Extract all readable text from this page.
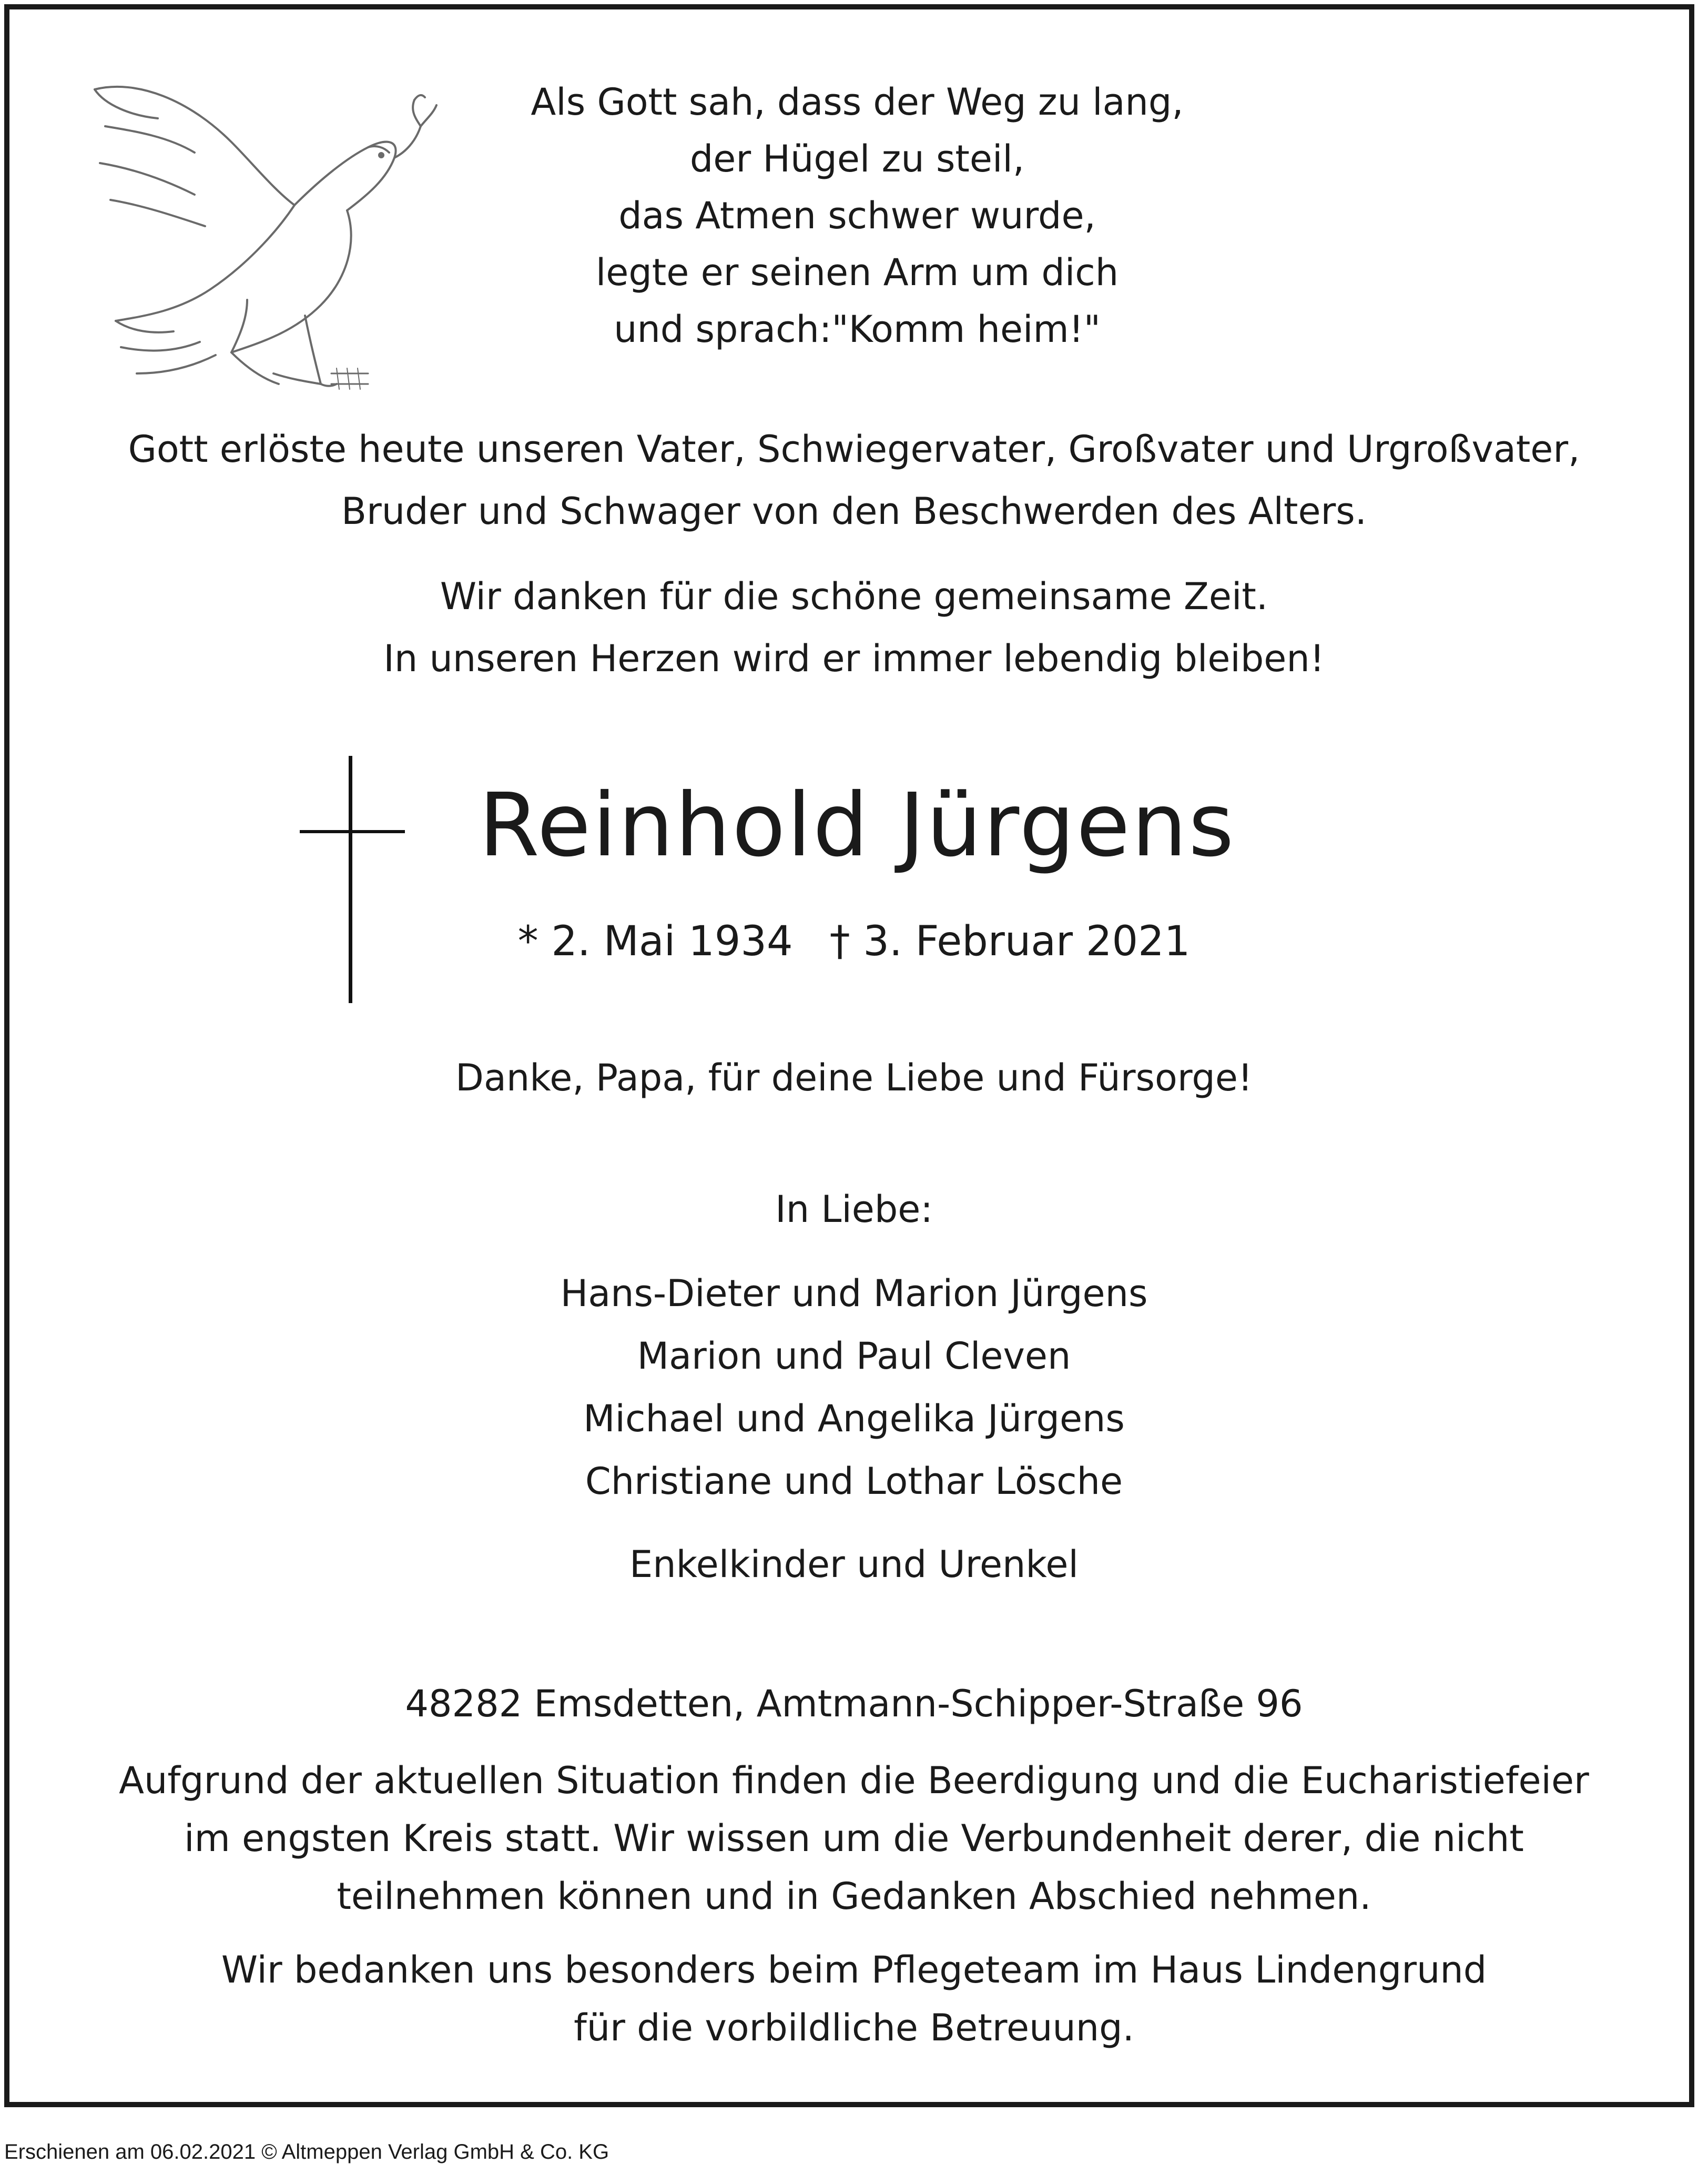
Als Gott sah, dass der Weg zu lang,
der Hügel zu steil,
das Atmen schwer wurde,
legte er seinen Arm um dich
und sprach:"Komm heim!"
Gott erlöste heute unseren Vater, Schwiegervater, Großvater und Urgroßvater,
Bruder und Schwager von den Beschwerden des Alters.
Wir danken für die schöne gemeinsame Zeit.
In unseren Herzen wird er immer lebendig bleiben!
Reinhold Jürgens
* 2. Mai 1934 † 3. Februar 2021
Danke, Papa, für deine Liebe und Fürsorge!
In Liebe:
Hans-Dieter und Marion Jürgens
Marion und Paul Cleven
Michael und Angelika Jürgens
Christiane und Lothar Lösche
Enkelkinder und Urenkel
48282 Emsdetten, Amtmann-Schipper-Straße 96
Aufgrund der aktuellen Situation finden die Beerdigung und die Eucharistiefeier
im engsten Kreis statt. Wir wissen um die Verbundenheit derer, die nicht
teilnehmen können und in Gedanken Abschied nehmen.
Wir bedanken uns besonders beim Pflegeteam im Haus Lindengrund
für die vorbildliche Betreuung.
Erschienen am 06.02.2021 © Altmeppen Verlag GmbH & Co. KG
